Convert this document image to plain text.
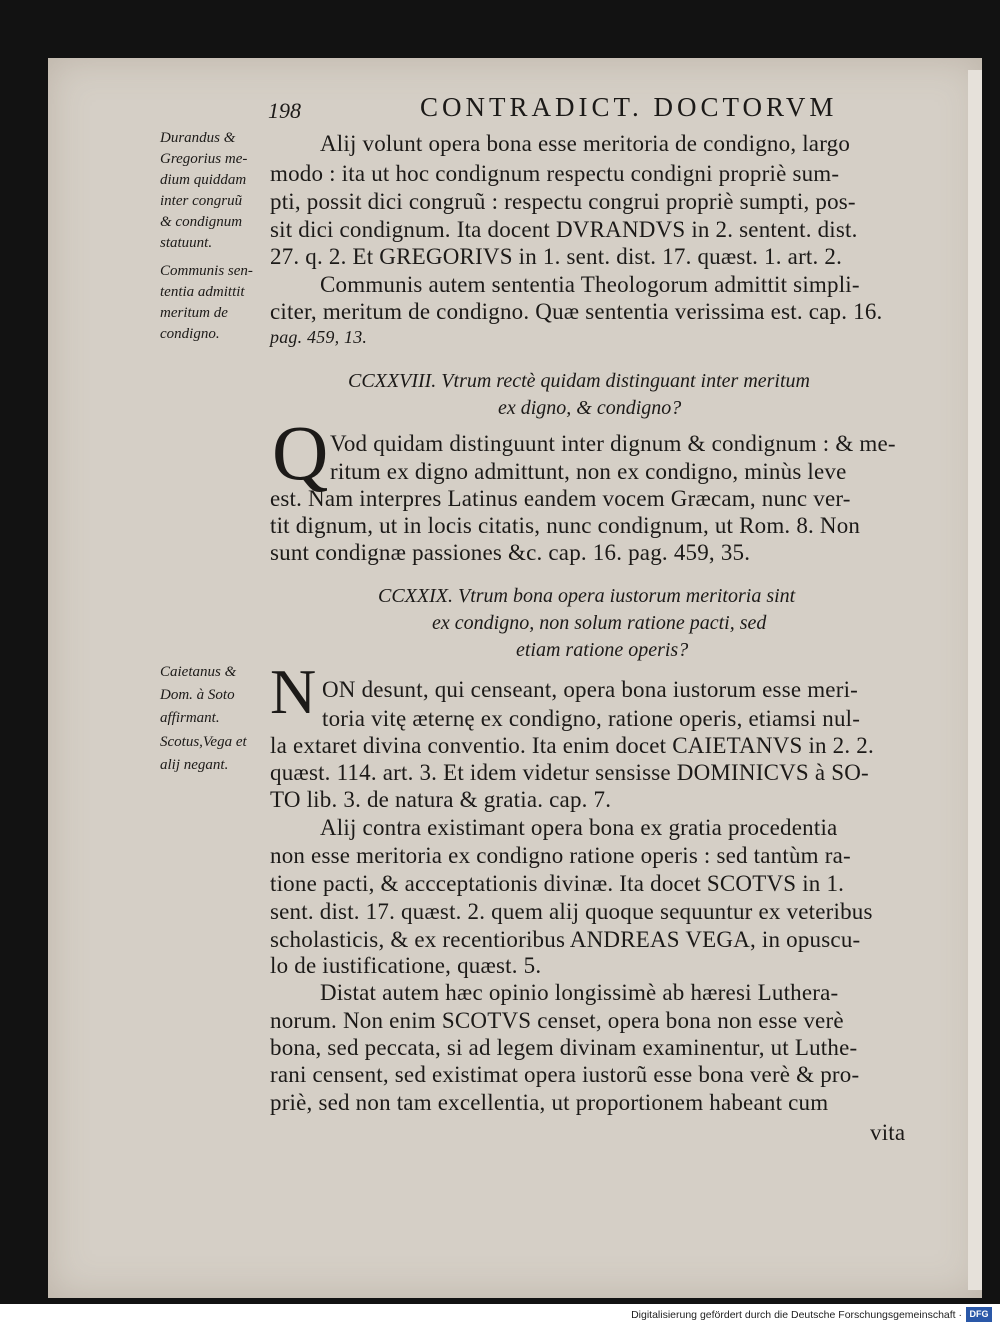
198	CONTRADICT. DOCTORVM
Durandus &
Gregorius me-
dium quiddam
inter congruũ
& condignum
statuunt.
Communis sen-
tentia admittit
meritum de
condigno.
Caietanus &
Dom. à Soto
affirmant.
Scotus,Vega et
alij negant.
Alij volunt opera bona esse meritoria de condigno, largo
modo : ita ut hoc condignum respectu condigni propriè sum-
pti, possit dici congruũ : respectu congrui propriè sumpti, pos-
sit dici condignum. Ita docent DVRANDVS in 2. sentent. dist.
27. q. 2. Et GREGORIVS in 1. sent. dist. 17. quæst. 1. art. 2.
Communis autem sententia Theologorum admittit simpli-
citer, meritum de condigno. Quæ sententia verissima est. cap. 16.
pag. 459, 13.
CCXXVIII. Vtrum rectè quidam distinguant inter meritum
ex digno, & condigno?
Q Vod quidam distinguunt inter dignum & condignum : & me-
ritum ex digno admittunt, non ex condigno, minùs leve
est. Nam interpres Latinus eandem vocem Græcam, nunc ver-
tit dignum, ut in locis citatis, nunc condignum, ut Rom. 8. Non
sunt condignæ passiones &c. cap. 16. pag. 459, 35.
CCXXIX. Vtrum bona opera iustorum meritoria sint
ex condigno, non solum ratione pacti, sed
etiam ratione operis?
N ON desunt, qui censeant, opera bona iustorum esse meri-
toria vitę æternę ex condigno, ratione operis, etiamsi nul-
la extaret divina conventio. Ita enim docet CAIETANVS in 2. 2.
quæst. 114. art. 3. Et idem videtur sensisse DOMINICVS à SO-
TO lib. 3. de natura & gratia. cap. 7.
Alij contra existimant opera bona ex gratia procedentia
non esse meritoria ex condigno ratione operis : sed tantùm ra-
tione pacti, & accceptationis divinæ. Ita docet SCOTVS in 1.
sent. dist. 17. quæst. 2. quem alij quoque sequuntur ex veteribus
scholasticis, & ex recentioribus ANDREAS VEGA, in opuscu-
lo de iustificatione, quæst. 5.
Distat autem hæc opinio longissimè ab hæresi Luthera-
norum. Non enim SCOTVS censet, opera bona non esse verè
bona, sed peccata, si ad legem divinam examinentur, ut Luthe-
rani censent, sed existimat opera iustorũ esse bona verè & pro-
priè, sed non tam excellentia, ut proportionem habeant cum
vita
Digitalisierung gefördert durch die Deutsche Forschungsgemeinschaft · DFG
